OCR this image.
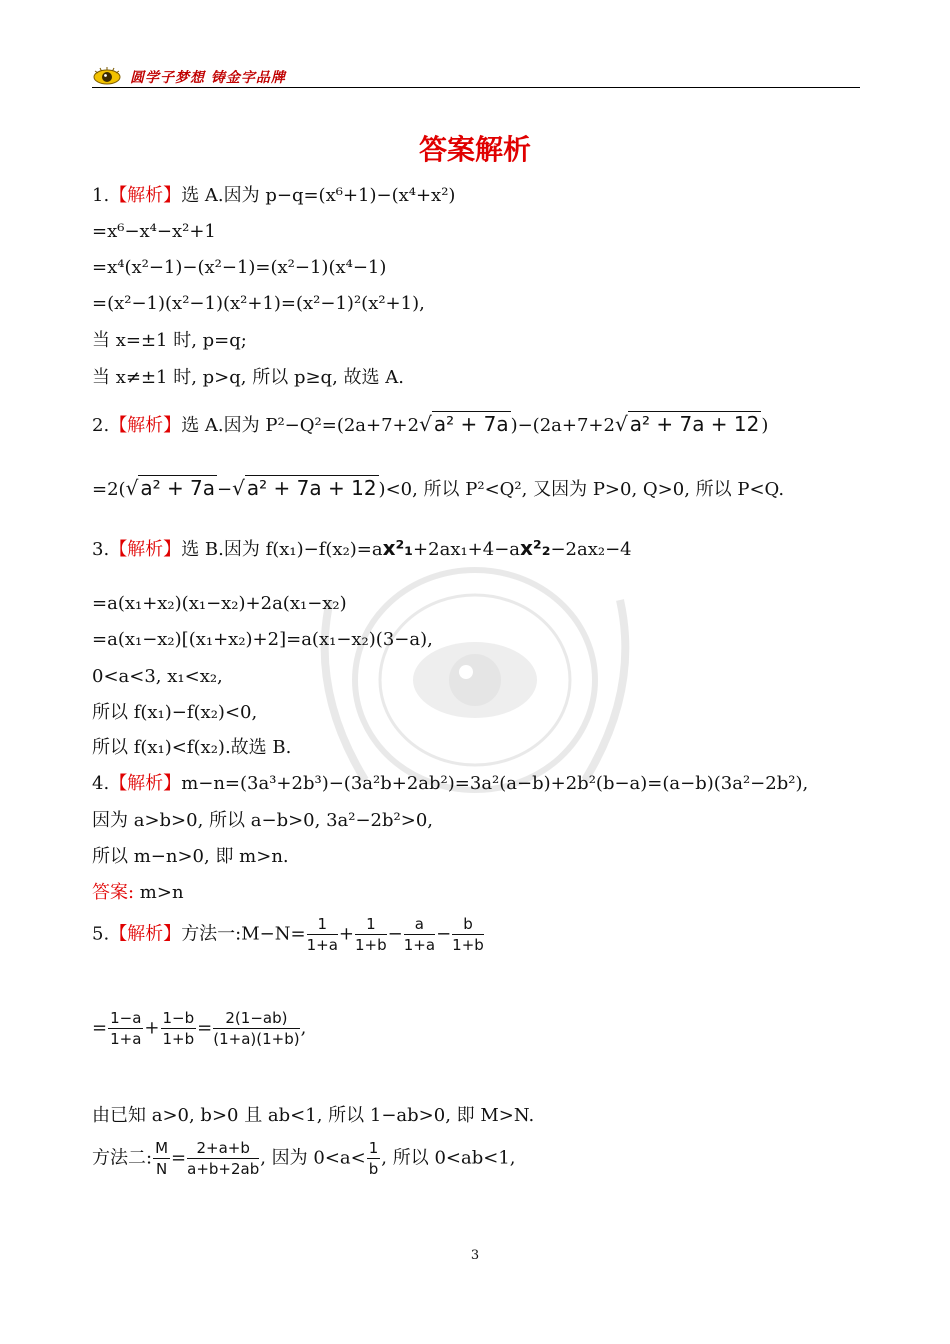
圆学子梦想 铸金字品牌
答案解析
1.【解析】选 A.因为 p−q=(x⁶+1)−(x⁴+x²)
=x⁶−x⁴−x²+1
=x⁴(x²−1)−(x²−1)=(x²−1)(x⁴−1)
=(x²−1)(x²−1)(x²+1)=(x²−1)²(x²+1),
当 x=±1 时, p=q;
当 x≠±1 时, p>q, 所以 p≥q, 故选 A.
2.【解析】选 A.因为 P²−Q²=(2a+7+2√ a² + 7a )−(2a+7+2√ a² + 7a + 12 )
=2(√ a² + 7a −√ a² + 7a + 12 )<0, 所以 P²<Q², 又因为 P>0, Q>0, 所以 P<Q.
3.【解析】选 B.因为 f(x₁)−f(x₂)=ax²₁+2ax₁+4−ax²₂−2ax₂−4
=a(x₁+x₂)(x₁−x₂)+2a(x₁−x₂)
=a(x₁−x₂)[(x₁+x₂)+2]=a(x₁−x₂)(3−a),
0<a<3, x₁<x₂,
所以 f(x₁)−f(x₂)<0,
所以 f(x₁)<f(x₂).故选 B.
4.【解析】m−n=(3a³+2b³)−(3a²b+2ab²)=3a²(a−b)+2b²(b−a)=(a−b)(3a²−2b²),
因为 a>b>0, 所以 a−b>0, 3a²−2b²>0,
所以 m−n>0, 即 m>n.
答案: m>n
5.【解析】方法一:M−N= $\frac{1}{1+a} + \frac{1}{1+b} - \frac{a}{1+a} - \frac{b}{1+b}$
= $\frac{1-a}{1+a} + \frac{1-b}{1+b} = \frac{2(1-ab)}{(1+a)(1+b)}$ ,
由已知 a>0, b>0 且 ab<1, 所以 1−ab>0, 即 M>N.
方法二: $\frac{M}{N} = \frac{2+a+b}{a+b+2ab}$ , 因为 $0<a< \frac{1}{b}$ , 所以 0<ab<1,
3
